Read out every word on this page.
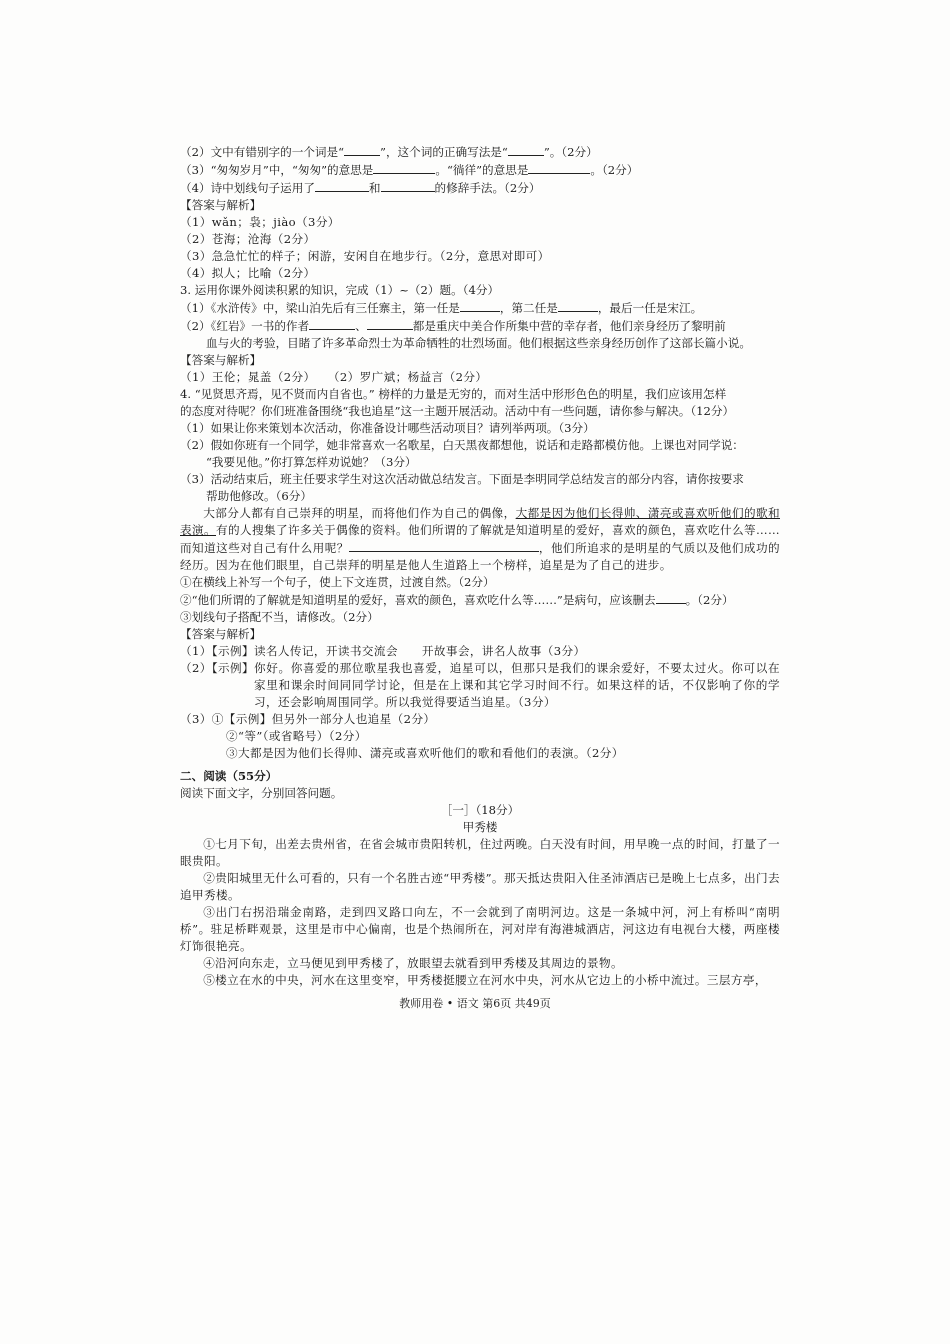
（2）文中有错别字的一个词是“	”，这个词的正确写法是“	”。（2分）

（3）“匆匆岁月”中，“匆匆”的意思是	。“徜徉”的意思是	。（2分）

（4）诗中划线句子运用了	和	的修辞手法。（2分）

【答案与解析】

（1）wǎn；袅；jiào（3分）

（2）苍海；沧海（2分）

（3）急急忙忙的样子；闲游，安闲自在地步行。（2分，意思对即可）

（4）拟人；比喻（2分）

3. 运用你课外阅读积累的知识，完成（1）~（2）题。（4分）

（1）《水浒传》中，梁山泊先后有三任寨主，第一任是	，第二任是	，最后一任是宋江。

（2）《红岩》一书的作者	、	都是重庆中美合作所集中营的幸存者，他们亲身经历了黎明前

血与火的考验，目睹了许多革命烈士为革命牺牲的壮烈场面。他们根据这些亲身经历创作了这部长篇小说。

【答案与解析】

（1）王伦；晁盖（2分）　　（2）罗广斌；杨益言（2分）

4. “见贤思齐焉，见不贤而内自省也。” 榜样的力量是无穷的，而对生活中形形色色的明星，我们应该用怎样

的态度对待呢？你们班准备围绕“我也追星”这一主题开展活动。活动中有一些问题，请你参与解决。（12分）

（1）如果让你来策划本次活动，你准备设计哪些活动项目？请列举两项。（3分）

（2）假如你班有一个同学，她非常喜欢一名歌星，白天黑夜都想他，说话和走路都模仿他。上课也对同学说：

“我要见他。”你打算怎样劝说她？（3分）

（3）活动结束后，班主任要求学生对这次活动做总结发言。下面是李明同学总结发言的部分内容，请你按要求

帮助他修改。（6分）

大部分人都有自己崇拜的明星，而将他们作为自己的偶像，大都是因为他们长得帅、潇亮或喜欢听他们的歌和表演。有的人搜集了许多关于偶像的资料。他们所谓的了解就是知道明星的爱好，喜欢的颜色，喜欢吃什么等……而知道这些对自己有什么用呢？	，他们所追求的是明星的气质以及他们成功的经历。因为在他们眼里，自己崇拜的明星是他人生道路上一个榜样，追星是为了自己的进步。

①在横线上补写一个句子，使上下文连贯，过渡自然。（2分）

②“他们所谓的了解就是知道明星的爱好，喜欢的颜色，喜欢吃什么等……”是病句，应该删去	。（2分）

③划线句子搭配不当，请修改。（2分）

【答案与解析】

（1）【示例】读名人传记，开读书交流会　　开故事会，讲名人故事（3分）

（2）【示例】 你好。你喜爱的那位歌星我也喜爱，追星可以，但那只是我们的课余爱好，不要太过火。你可以在家里和课余时间同同学讨论，但是在上课和其它学习时间不行。如果这样的话，不仅影响了你的学习，还会影响周围同学。所以我觉得要适当追星。（3分）

（3）①【示例】但另外一部分人也追星（2分）

②“等”（或省略号）（2分）

③大都是因为他们长得帅、潇亮或喜欢听他们的歌和看他们的表演。（2分）

二、阅读（55分）

阅读下面文字，分别回答问题。

［一］（18分）

甲秀楼

①七月下旬，出差去贵州省，在省会城市贵阳转机，住过两晚。白天没有时间，用早晚一点的时间，打量了一眼贵阳。

②贵阳城里无什么可看的，只有一个名胜古迹“甲秀楼”。那天抵达贵阳入住圣沛酒店已是晚上七点多，出门去追甲秀楼。

③出门右拐沿瑞金南路，走到四叉路口向左，不一会就到了南明河边。这是一条城中河，河上有桥叫“南明桥”。驻足桥畔观景，这里是市中心偏南，也是个热闹所在，河对岸有海港城酒店，河这边有电视台大楼，两座楼灯饰很艳亮。

④沿河向东走，立马便见到甲秀楼了，放眼望去就看到甲秀楼及其周边的景物。

⑤楼立在水的中央，河水在这里变窄，甲秀楼挺腰立在河水中央，河水从它边上的小桥中流过。三层方亭，

教师用卷 • 语文 第6页 共49页
